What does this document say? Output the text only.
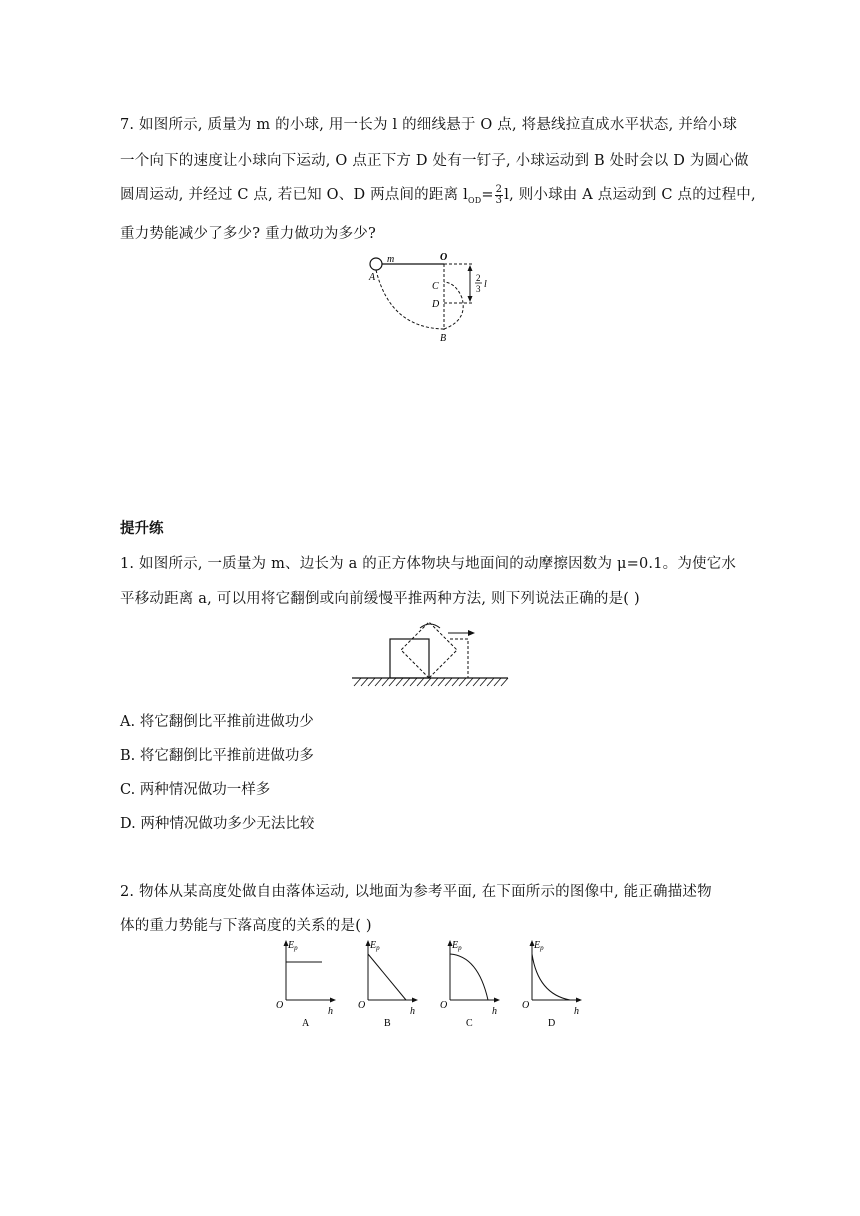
7. 如图所示, 质量为 m 的小球, 用一长为 l 的细线悬于 O 点, 将悬线拉直成水平状态, 并给小球
一个向下的速度让小球向下运动, O 点正下方 D 处有一钉子, 小球运动到 B 处时会以 D 为圆心做
圆周运动, 并经过 C 点, 若已知 O、D 两点间的距离 $l_{OD}= \frac{2}{3} l$, 则小球由 A 点运动到 C 点的过程中,
重力势能减少了多少? 重力做功为多少?
A
m	O
C
D
B
2
3 l
提升练
1. 如图所示, 一质量为 m、边长为 a 的正方体物块与地面间的动摩擦因数为 μ=0.1。为使它水
平移动距离 a, 可以用将它翻倒或向前缓慢平推两种方法, 则下列说法正确的是( )
A. 将它翻倒比平推前进做功少
B. 将它翻倒比平推前进做功多
C. 两种情况做功一样多
D. 两种情况做功多少无法比较
2. 物体从某高度处做自由落体运动, 以地面为参考平面, 在下面所示的图像中, 能正确描述物
体的重力势能与下落高度的关系的是( )
$E_p$
h
O
A
$E_p$
h
O
B
$E_p$
h
O
C
$E_p$
h
O
D
